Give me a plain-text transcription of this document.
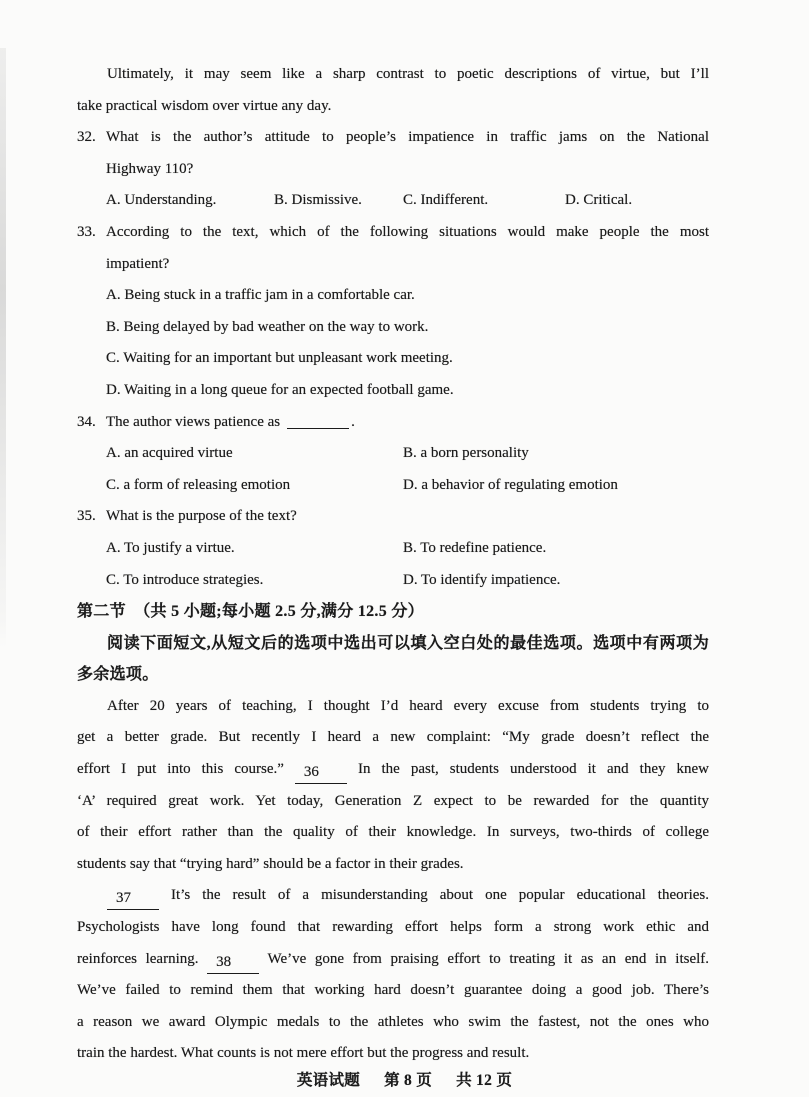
Ultimately, it may seem like a sharp contrast to poetic descriptions of virtue, but I’ll
take practical wisdom over virtue any day.
32. What is the author’s attitude to people’s impatience in traffic jams on the National
Highway 110?
A. Understanding.	B. Dismissive.	C. Indifferent.	D. Critical.
33. According to the text, which of the following situations would make people the most
impatient?
A. Being stuck in a traffic jam in a comfortable car.
B. Being delayed by bad weather on the way to work.
C. Waiting for an important but unpleasant work meeting.
D. Waiting in a long queue for an expected football game.
34. The author views patience as	.
A. an acquired virtue	B. a born personality
C. a form of releasing emotion	D. a behavior of regulating emotion
35. What is the purpose of the text?
A. To justify a virtue.	B. To redefine patience.
C. To introduce strategies.	D. To identify impatience.
第二节　（共 5 小题;每小题 2.5 分,满分 12.5 分）
阅读下面短文,从短文后的选项中选出可以填入空白处的最佳选项。选项中有两项为
多余选项。
After 20 years of teaching, I thought I’d heard every excuse from students trying to
get a better grade. But recently I heard a new complaint: “My grade doesn’t reflect the
effort I put into this course.” 36	In the past, students understood it and they knew
‘A’ required great work. Yet today, Generation Z expect to be rewarded for the quantity
of their effort rather than the quality of their knowledge. In surveys, two-thirds of college
students say that “trying hard” should be a factor in their grades.
37	It’s the result of a misunderstanding about one popular educational theories.
Psychologists have long found that rewarding effort helps form a strong work ethic and
reinforces learning. 38 We’ve gone from praising effort to treating it as an end in itself.
We’ve failed to remind them that working hard doesn’t guarantee doing a good job. There’s
a reason we award Olympic medals to the athletes who swim the fastest, not the ones who
train the hardest. What counts is not mere effort but the progress and result.
英语试题 第 8 页 共 12 页
